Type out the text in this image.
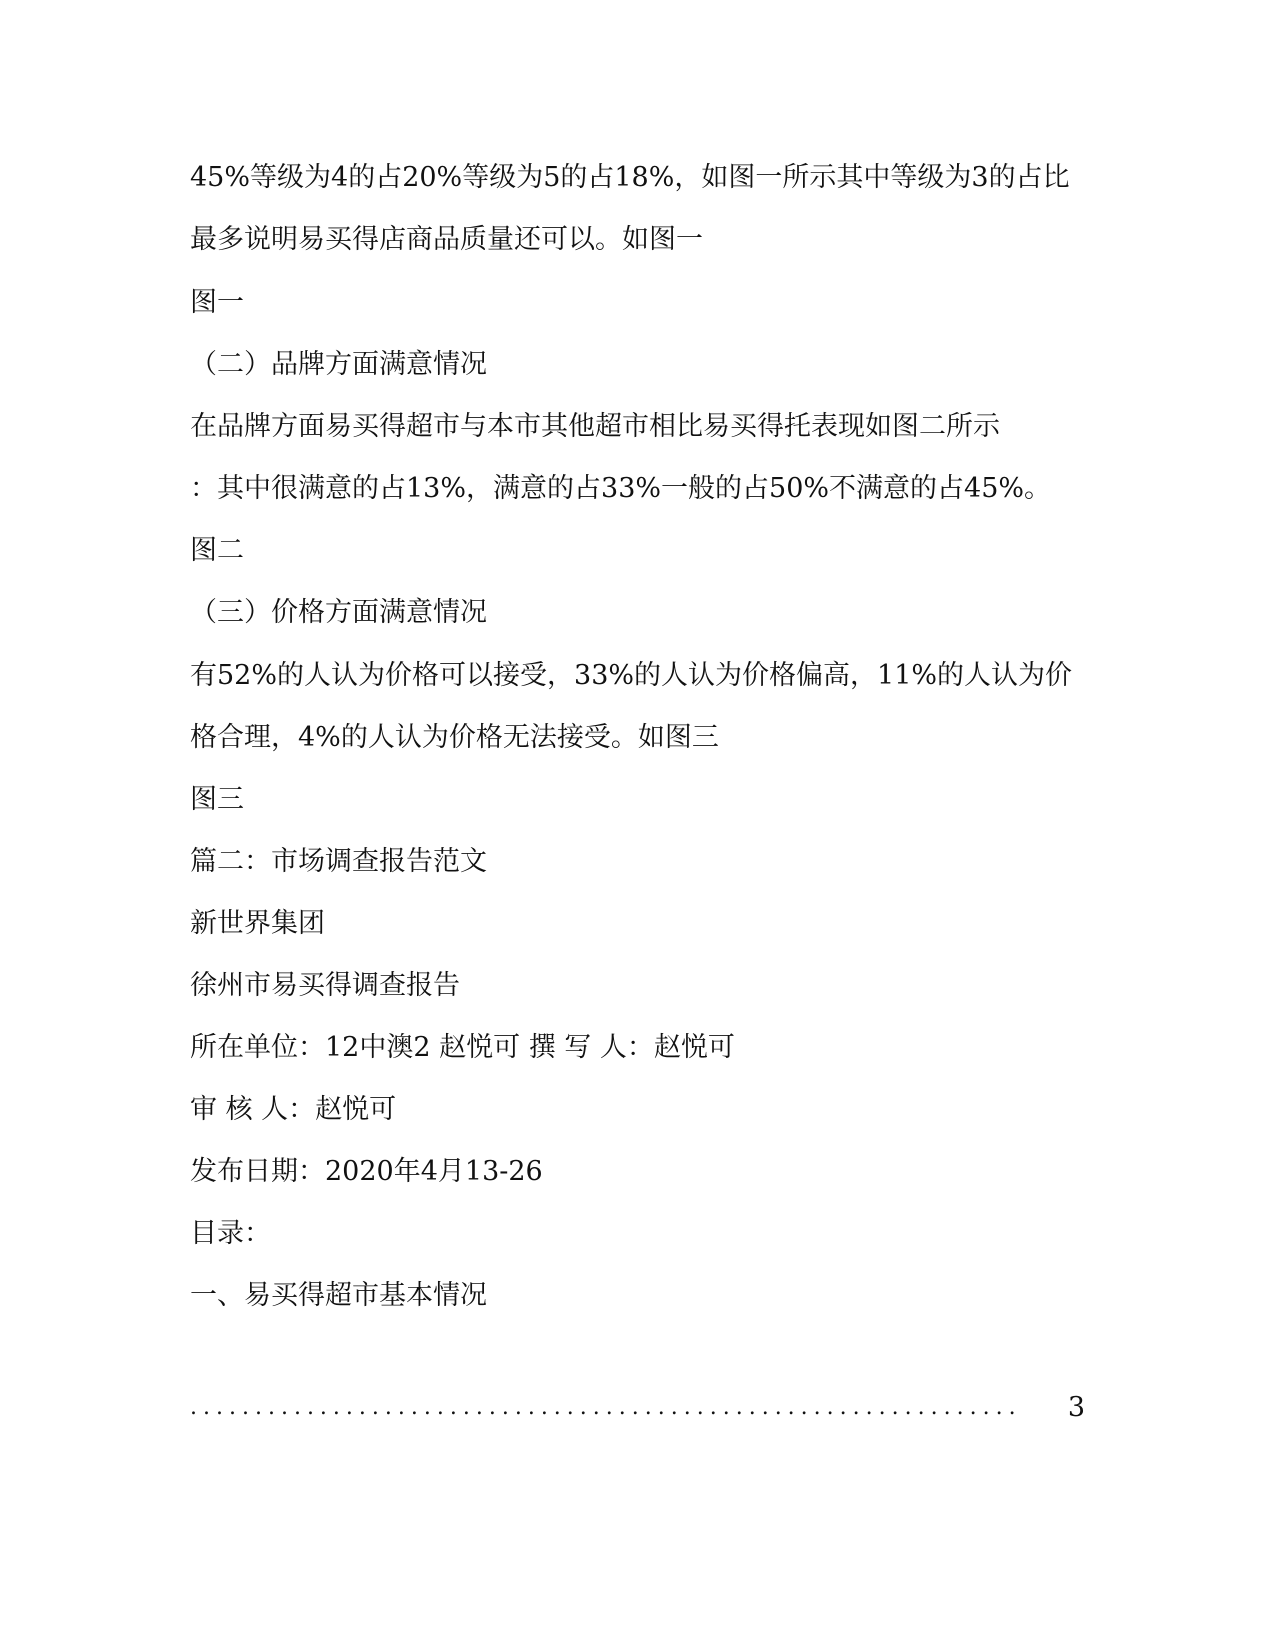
45%等级为4的占20%等级为5的占18%，如图一所示其中等级为3的占比
最多说明易买得店商品质量还可以。如图一
图一
（二）品牌方面满意情况
在品牌方面易买得超市与本市其他超市相比易买得托表现如图二所示
：其中很满意的占13%，满意的占33%一般的占50%不满意的占45%。
图二
（三）价格方面满意情况
有52%的人认为价格可以接受，33%的人认为价格偏高，11%的人认为价
格合理，4%的人认为价格无法接受。如图三
图三
篇二：市场调查报告范文
新世界集团
徐州市易买得调查报告
所在单位：12中澳2 赵悦可 撰 写 人：赵悦可
审 核 人：赵悦可
发布日期：2020年4月13-26
目录：
一、易买得超市基本情况
................................................................	3
